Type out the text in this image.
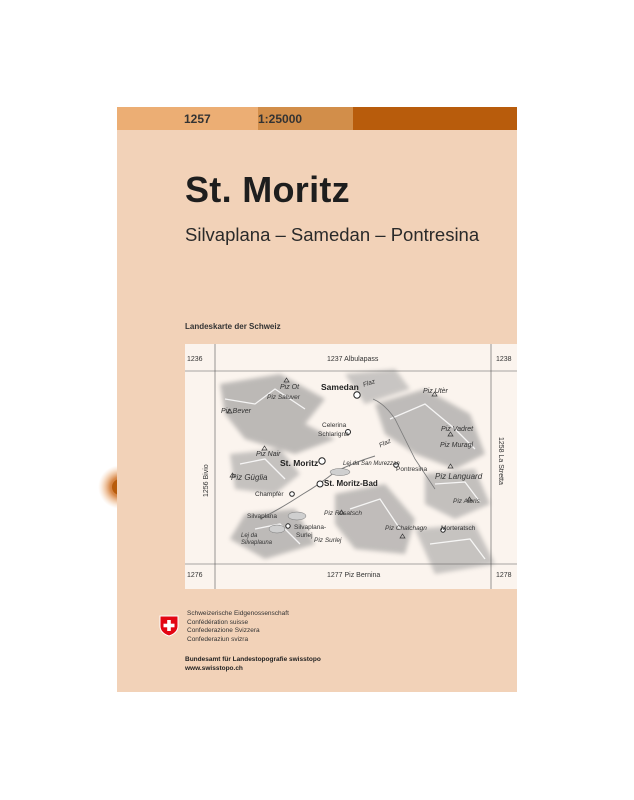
1257	1:25000
St. Moritz
Silvaplana – Samedan – Pontresina
Landeskarte der Schweiz
1236	1237 Albulapass	1238
1276	1277 Piz Bernina	1278
1256 Bivio	1258 La Stretta
Piz Ot
Piz Saluver
Samedan Flaz
Piz Utèr
Piz Bever
Celerina
Schlarigna
Piz Vadret
Piz Nair
Flaz	Piz Muragl
St. Moritz	Lej da San Murezzan
Pontresina
Piz Güglia	Piz Languard
St. Moritz-Bad
Champfèr
Piz Albris
Silvaplana	Piz Rosatsch
Lej da
Silvaplauna
Silvaplana-
Surlej
Piz Chalchagn Morteratsch
Piz Surlej
Schweizerische Eidgenossenschaft
Confédération suisse
Confederazione Svizzera
Confederaziun svizra
Bundesamt für Landestopografie swisstopo
www.swisstopo.ch
